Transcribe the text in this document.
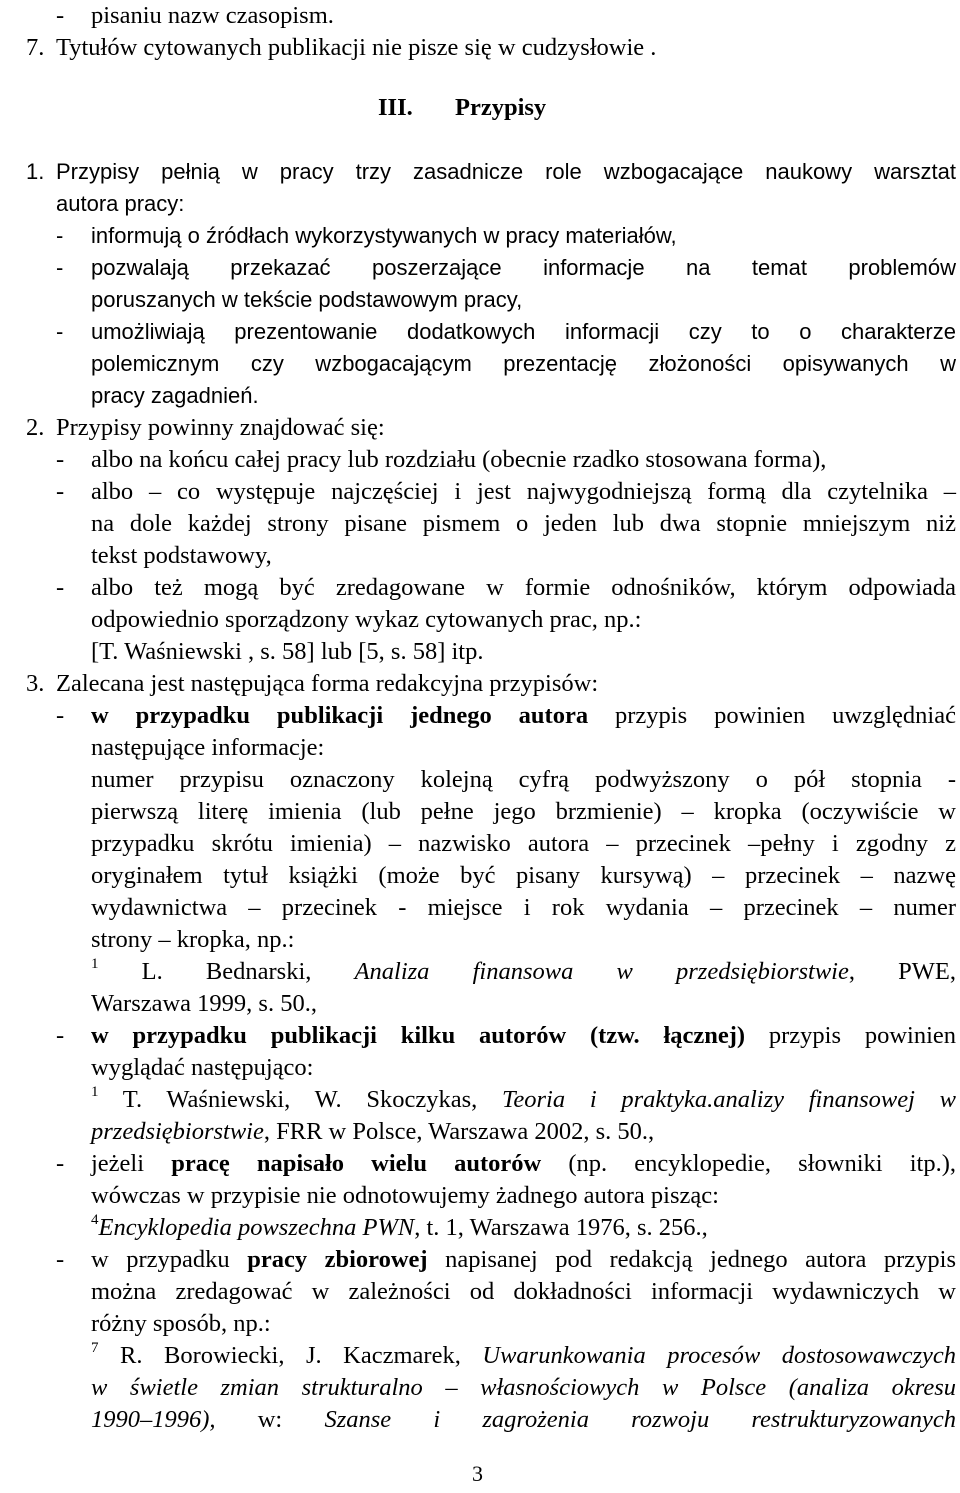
- pisaniu nazw czasopism.
7. Tytułów cytowanych publikacji nie pisze się w cudzysłowie .
III. Przypisy
1. Przypisy pełnią w pracy trzy zasadnicze role wzbogacające naukowy warsztat
autora pracy:
- informują o źródłach wykorzystywanych w pracy materiałów,
- pozwalają przekazać poszerzające informacje na temat problemów
poruszanych w tekście podstawowym pracy,
- umożliwiają prezentowanie dodatkowych informacji czy to o charakterze
polemicznym czy wzbogacającym prezentację złożoności opisywanych w
pracy zagadnień.
2. Przypisy powinny znajdować się:
- albo na końcu całej pracy lub rozdziału (obecnie rzadko stosowana forma),
- albo – co występuje najczęściej i jest najwygodniejszą formą dla czytelnika –
na dole każdej strony pisane pismem o jeden lub dwa stopnie mniejszym niż
tekst podstawowy,
- albo też mogą być zredagowane w formie odnośników, którym odpowiada
odpowiednio sporządzony wykaz cytowanych prac, np.:
[T. Waśniewski , s. 58] lub [5, s. 58] itp.
3. Zalecana jest następująca forma redakcyjna przypisów:
- w przypadku publikacji jednego autora przypis powinien uwzględniać
następujące informacje:
numer przypisu oznaczony kolejną cyfrą podwyższony o pół stopnia -
pierwszą literę imienia (lub pełne jego brzmienie) – kropka (oczywiście w
przypadku skrótu imienia) – nazwisko autora – przecinek –pełny i zgodny z
oryginałem tytuł książki (może być pisany kursywą) – przecinek – nazwę
wydawnictwa – przecinek - miejsce i rok wydania – przecinek – numer
strony – kropka, np.:
$^1$ L. Bednarski, Analiza finansowa w przedsiębiorstwie, PWE,
Warszawa 1999, s. 50.,
- w przypadku publikacji kilku autorów (tzw. łącznej) przypis powinien
wyglądać następująco:
$^1$ T. Waśniewski, W. Skoczykas, Teoria i praktyka.analizy finansowej w
przedsiębiorstwie, FRR w Polsce, Warszawa 2002, s. 50.,
- jeżeli pracę napisało wielu autorów (np. encyklopedie, słowniki itp.),
wówczas w przypisie nie odnotowujemy żadnego autora pisząc:
$^4$Encyklopedia powszechna PWN, t. 1, Warszawa 1976, s. 256.,
- w przypadku pracy zbiorowej napisanej pod redakcją jednego autora przypis
można zredagować w zależności od dokładności informacji wydawniczych w
różny sposób, np.:
$^7$ R. Borowiecki, J. Kaczmarek, Uwarunkowania procesów dostosowawczych
w świetle zmian strukturalno – własnościowych w Polsce (analiza okresu
1990–1996), w: Szanse i zagrożenia rozwoju restrukturyzowanych
3
